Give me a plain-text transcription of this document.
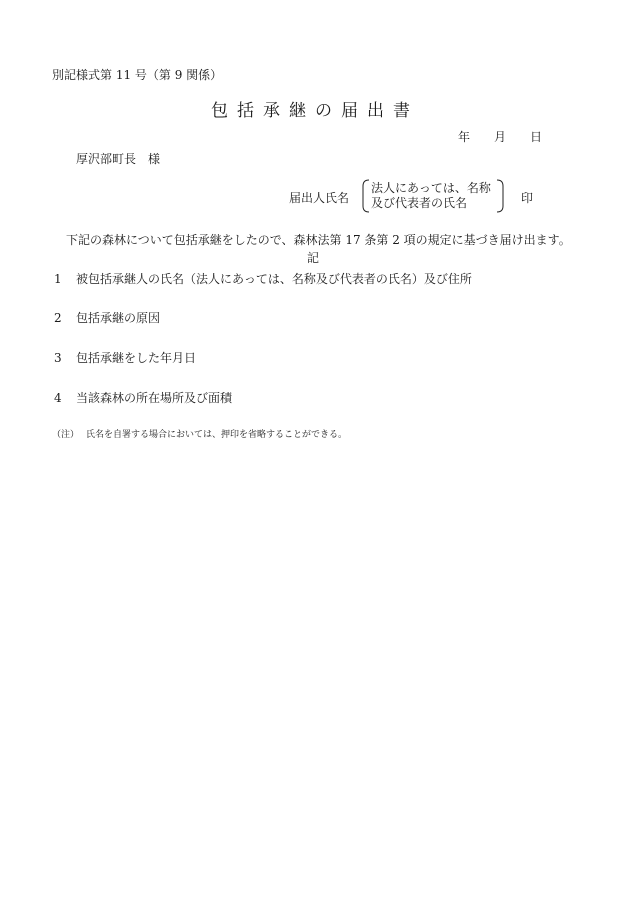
別記様式第 11 号（第 9 関係）
包括承継の届出書
年 月 日
厚沢部町長　様
届出人氏名
法人にあっては、名称
及び代表者の氏名	印
下記の森林について包括承継をしたので、森林法第 17 条第 2 項の規定に基づき届け出ます。
記
1 被包括承継人の氏名（法人にあっては、名称及び代表者の氏名）及び住所
2 包括承継の原因
3 包括承継をした年月日
4 当該森林の所在場所及び面積
（注） 氏名を自署する場合においては、押印を省略することができる。
